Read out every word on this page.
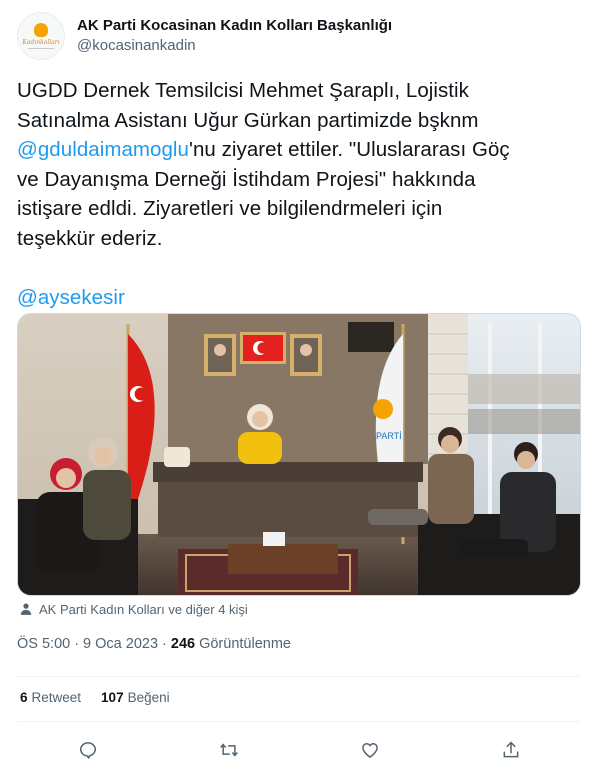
Kadınkolları
AK Parti Kocasinan Kadın Kolları Başkanlığı
@kocasinankadin
UGDD Dernek Temsilcisi Mehmet Şaraplı, Lojistik
Satınalma Asistanı Uğur Gürkan partimizde bşknm
@gduldaimamoglu'nu ziyaret ettiler. "Uluslararası Göç
ve Dayanışma Derneği İstihdam Projesi" hakkında
istişare edldi. Ziyaretleri ve bilgilendrmeleri için
teşekkür ederiz.
@aysekesir
PARTİ
AK Parti Kadın Kolları ve diğer 4 kişi
ÖS 5:00 · 9 Oca 2023 · 246 Görüntülenme
6 Retweet 107 Beğeni
